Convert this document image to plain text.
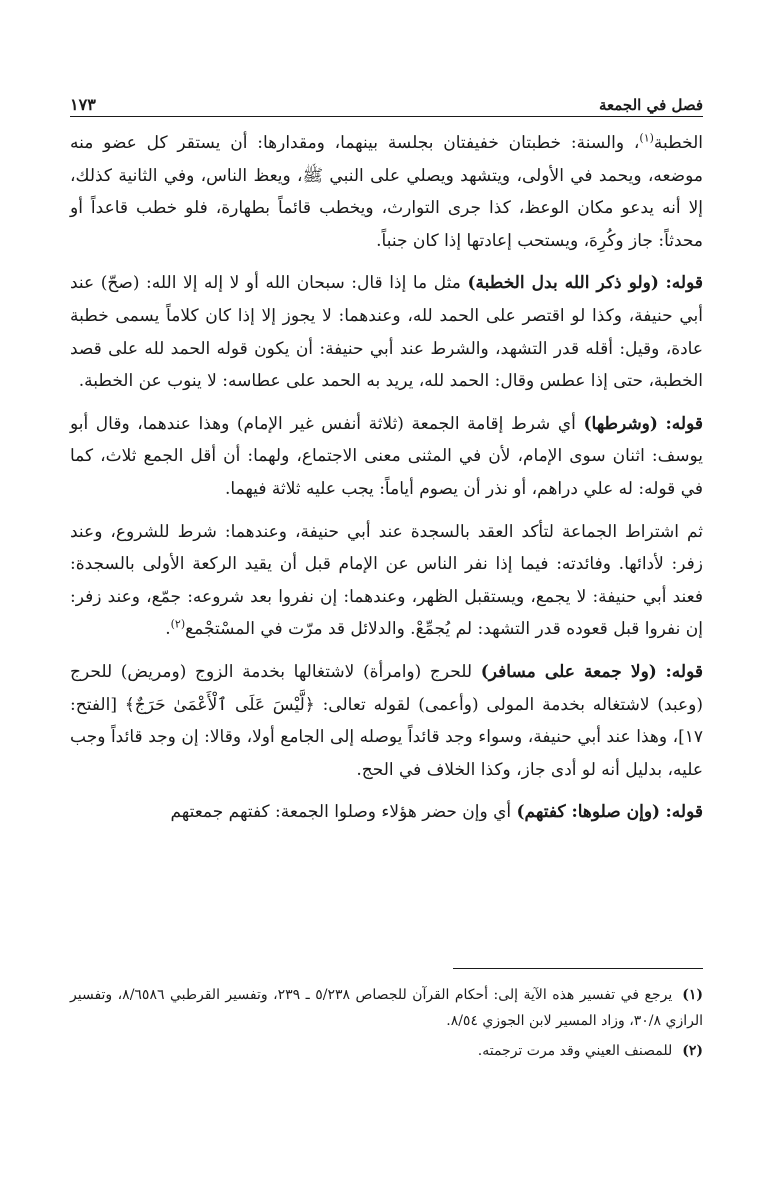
فصل في الجمعة
١٧٣

الخطبة$^{(١)}$، والسنة: خطبتان خفيفتان بجلسة بينهما، ومقدارها: أن يستقر كل عضو منه موضعه، ويحمد في الأولى، ويتشهد ويصلي على النبي ﷺ، ويعظ الناس، وفي الثانية كذلك، إلا أنه يدعو مكان الوعظ، كذا جرى التوارث، ويخطب قائماً بطهارة، فلو خطب قاعداً أو محدثاً: جاز وكُرِهَ، ويستحب إعادتها إذا كان جنباً.

قوله: (ولو ذكر الله بدل الخطبة) مثل ما إذا قال: سبحان الله أو لا إله إلا الله: (صحّ) عند أبي حنيفة، وكذا لو اقتصر على الحمد لله، وعندهما: لا يجوز إلا إذا كان كلاماً يسمى خطبة عادة، وقيل: أقله قدر التشهد، والشرط عند أبي حنيفة: أن يكون قوله الحمد لله على قصد الخطبة، حتى إذا عطس وقال: الحمد لله، يريد به الحمد على عطاسه: لا ينوب عن الخطبة.

قوله: (وشرطها) أي شرط إقامة الجمعة (ثلاثة أنفس غير الإمام) وهذا عندهما، وقال أبو يوسف: اثنان سوى الإمام، لأن في المثنى معنى الاجتماع، ولهما: أن أقل الجمع ثلاث، كما في قوله: له علي دراهم، أو نذر أن يصوم أياماً: يجب عليه ثلاثة فيهما.

ثم اشتراط الجماعة لتأكد العقد بالسجدة عند أبي حنيفة، وعندهما: شرط للشروع، وعند زفر: لأدائها. وفائدته: فيما إذا نفر الناس عن الإمام قبل أن يقيد الركعة الأولى بالسجدة: فعند أبي حنيفة: لا يجمع، ويستقبل الظهر، وعندهما: إن نفروا بعد شروعه: جمّع، وعند زفر: إن نفروا قبل قعوده قدر التشهد: لم يُجمِّعْ. والدلائل قد مرّت في المسْتجْمع$^{(٢)}$.

قوله: (ولا جمعة على مسافر) للحرج (وامرأة) لاشتغالها بخدمة الزوج (ومريض) للحرج (وعبد) لاشتغاله بخدمة المولى (وأعمى) لقوله تعالى: ﴿لَّيْسَ عَلَى ٱلْأَعْمَىٰ حَرَجٌ﴾ [الفتح: ١٧]، وهذا عند أبي حنيفة، وسواء وجد قائداً يوصله إلى الجامع أولا، وقالا: إن وجد قائداً وجب عليه، بدليل أنه لو أدى جاز، وكذا الخلاف في الحج.

قوله: (وإن صلوها: كفتهم) أي وإن حضر هؤلاء وصلوا الجمعة: كفتهم جمعتهم

(١)يرجع في تفسير هذه الآية إلى: أحكام القرآن للجصاص ٥/٢٣٨ ـ ٢٣٩، وتفسير القرطبي ٨/٦٥٨٦، وتفسير الرازي ٣٠/٨، وزاد المسير لابن الجوزي ٨/٥٤.

(٢)للمصنف العيني وقد مرت ترجمته.
